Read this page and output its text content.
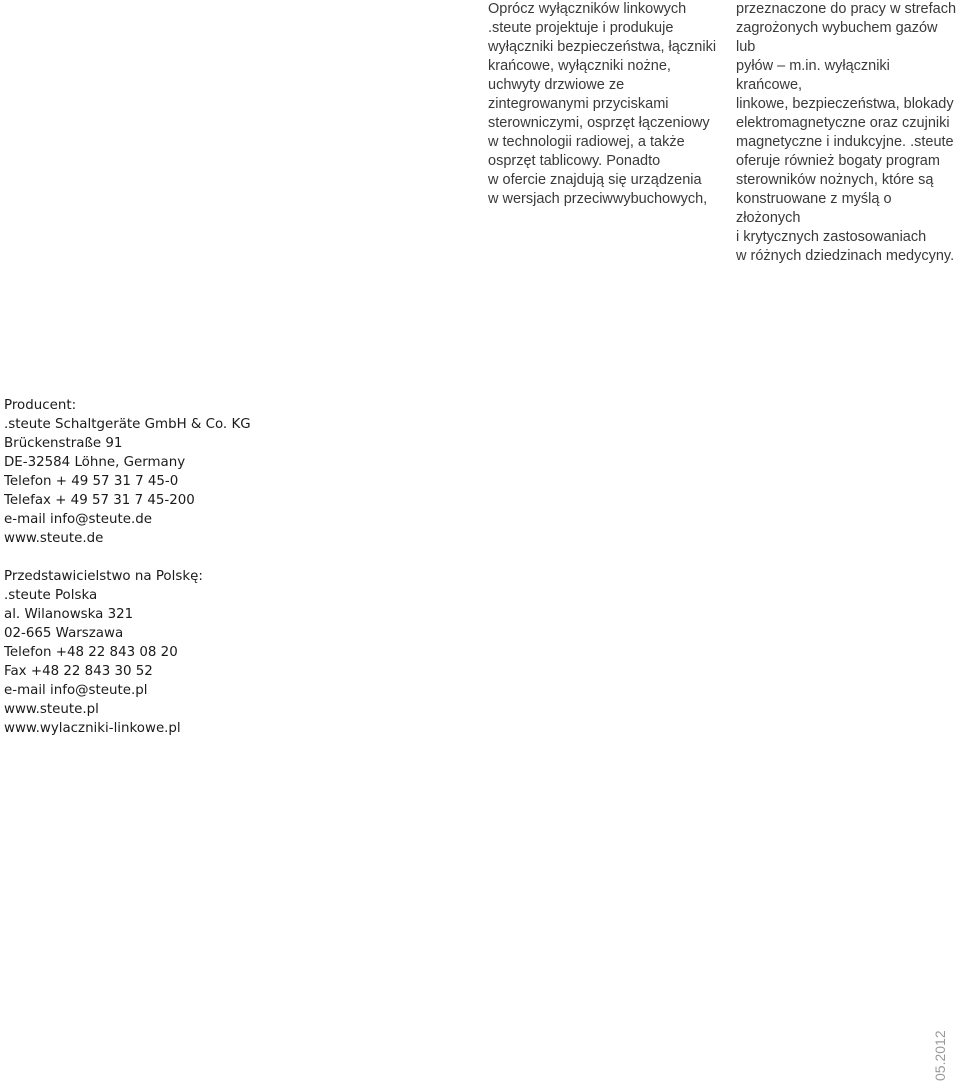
Oprócz wyłączników linkowych

.steute projektuje i produkuje

wyłączniki bezpieczeństwa, łączniki

krańcowe, wyłączniki nożne,

uchwyty drzwiowe ze

zintegrowanymi przyciskami

sterowniczymi, osprzęt łączeniowy

w technologii radiowej, a także

osprzęt tablicowy. Ponadto

w ofercie znajdują się urządzenia

w wersjach przeciwwybuchowych,

przeznaczone do pracy w strefach

zagrożonych wybuchem gazów lub

pyłów – m.in. wyłączniki krańcowe,

linkowe, bezpieczeństwa, blokady

elektromagnetyczne oraz czujniki

magnetyczne i indukcyjne. .steute

oferuje również bogaty program

sterowników nożnych, które są

konstruowane z myślą o złożonych

i krytycznych zastosowaniach

w różnych dziedzinach medycyny.

Producent:
.steute Schaltgeräte GmbH & Co. KG
Brückenstraße 91
DE-32584 Löhne, Germany
Telefon + 49 57 31 7 45-0
Telefax + 49 57 31 7 45-200
e-mail info@steute.de
www.steute.de
Przedstawicielstwo na Polskę:
.steute Polska
al. Wilanowska 321
02-665 Warszawa
Telefon +48 22 843 08 20
Fax +48 22 843 30 52
e-mail info@steute.pl
www.steute.pl
www.wylaczniki-linkowe.pl
05.2012
